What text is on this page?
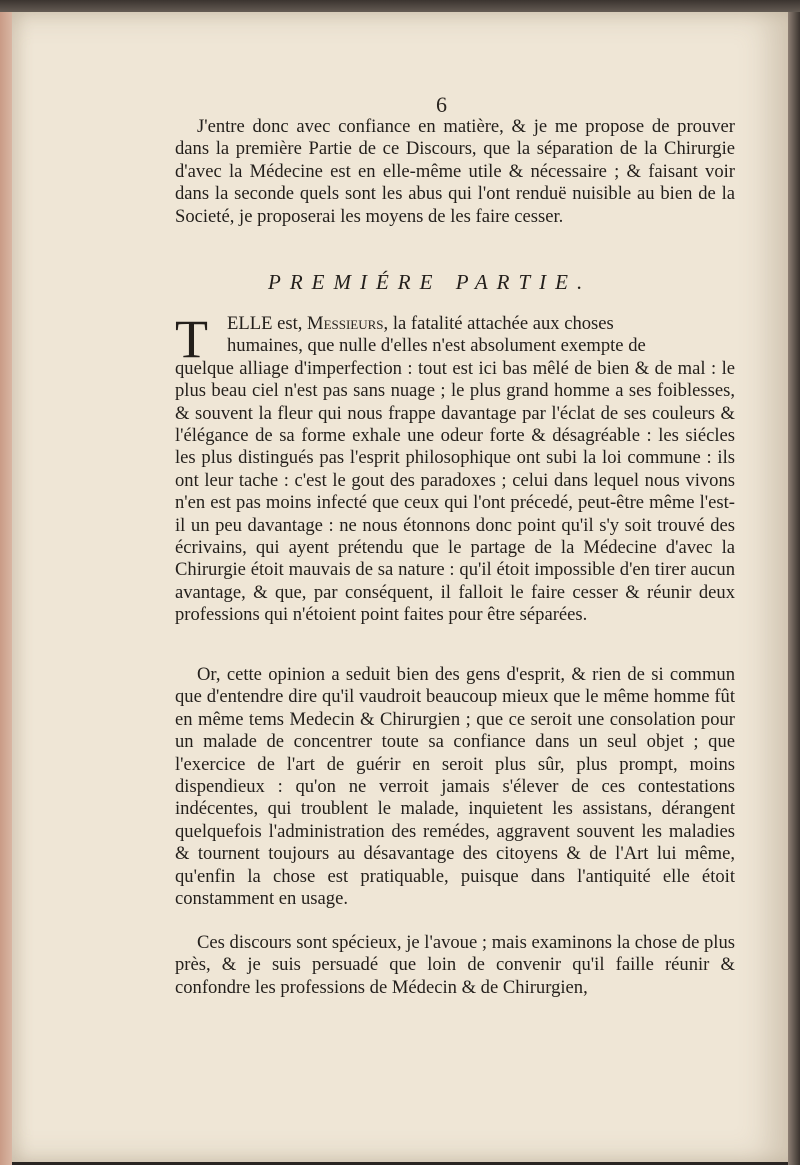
6
J'entre donc avec confiance en matière, & je me propose de prouver dans la première Partie de ce Discours, que la séparation de la Chirurgie d'avec la Médecine est en elle-même utile & nécessaire ; & faisant voir dans la seconde quels sont les abus qui l'ont renduë nuisible au bien de la Societé, je proposerai les moyens de les faire cesser.
PREMIÉRE PARTIE.
T	ELLE est, Messieurs, la fatalité attachée aux choses
humaines, que nulle d'elles n'est absolument exempte de
quelque alliage d'imperfection : tout est ici bas mêlé de bien & de mal : le plus beau ciel n'est pas sans nuage ; le plus grand homme a ses foiblesses, & souvent la fleur qui nous frappe davantage par l'éclat de ses couleurs & l'élégance de sa forme exhale une odeur forte & désagréable : les siécles les plus distingués pas l'esprit philosophique ont subi la loi commune : ils ont leur tache : c'est le gout des paradoxes ; celui dans lequel nous vivons n'en est pas moins infecté que ceux qui l'ont précedé, peut-être même l'est-il un peu davantage : ne nous étonnons donc point qu'il s'y soit trouvé des écrivains, qui ayent prétendu que le partage de la Médecine d'avec la Chirurgie étoit mauvais de sa nature : qu'il étoit impossible d'en tirer aucun avantage, & que, par conséquent, il falloit le faire cesser & réunir deux professions qui n'étoient point faites pour être séparées.
Or, cette opinion a seduit bien des gens d'esprit, & rien de si commun que d'entendre dire qu'il vaudroit beaucoup mieux que le même homme fût en même tems Medecin & Chirurgien ; que ce seroit une consolation pour un malade de concentrer toute sa confiance dans un seul objet ; que l'exercice de l'art de guérir en seroit plus sûr, plus prompt, moins dispendieux : qu'on ne verroit jamais s'élever de ces contestations indécentes, qui troublent le malade, inquietent les assistans, dérangent quelquefois l'administration des remédes, aggravent souvent les maladies & tournent toujours au désavantage des citoyens & de l'Art lui même, qu'enfin la chose est pratiquable, puisque dans l'antiquité elle étoit constamment en usage.
Ces discours sont spécieux, je l'avoue ; mais examinons la chose de plus près, & je suis persuadé que loin de convenir qu'il faille réunir & confondre les professions de Médecin & de Chirurgien,
